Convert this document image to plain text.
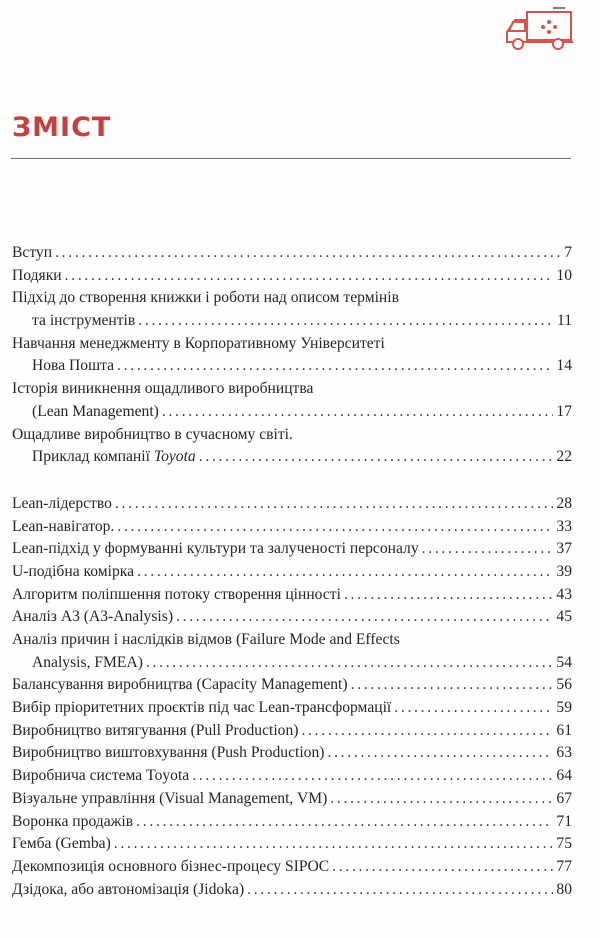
ЗМІСТ
Вступ . . .	7
Подяки . . .	10
Підхід до створення книжки і роботи над описом термінів
та інструментів . . .	11
Навчання менеджменту в Корпоративному Університеті
Нова Пошта . . .	14
Історія виникнення ощадливого виробництва
(Lean Management) . . .	17
Ощадливе виробництво в сучасному світі.
Приклад компанії Toyota . . .	22
Lean-лідерство . . .	28
Lean-навігатор. . . .	33
Lean-підхід у формуванні культури та залученості персоналу . . .	37
U-подібна комірка . . .	39
Алгоритм поліпшення потоку створення цінності . . .	43
Аналіз A3 (A3-Analysis) . . .	45
Аналіз причин і наслідків відмов (Failure Mode and Effects
Analysis, FMEA) . . .	54
Балансування виробництва (Capacity Management) . . .	56
Вибір пріоритетних проєктів під час Lean-трансформації . . .	59
Виробництво витягування (Pull Production) . . .	61
Виробництво виштовхування (Push Production) . . .	63
Виробнича система Toyota . . .	64
Візуальне управління (Visual Management, VM) . . .	67
Воронка продажів . . .	71
Гемба (Gemba) . . .	75
Декомпозиція основного бізнес-процесу SIPOC . . .	77
Дзідока, або автономізація (Jidoka) . . .	80
